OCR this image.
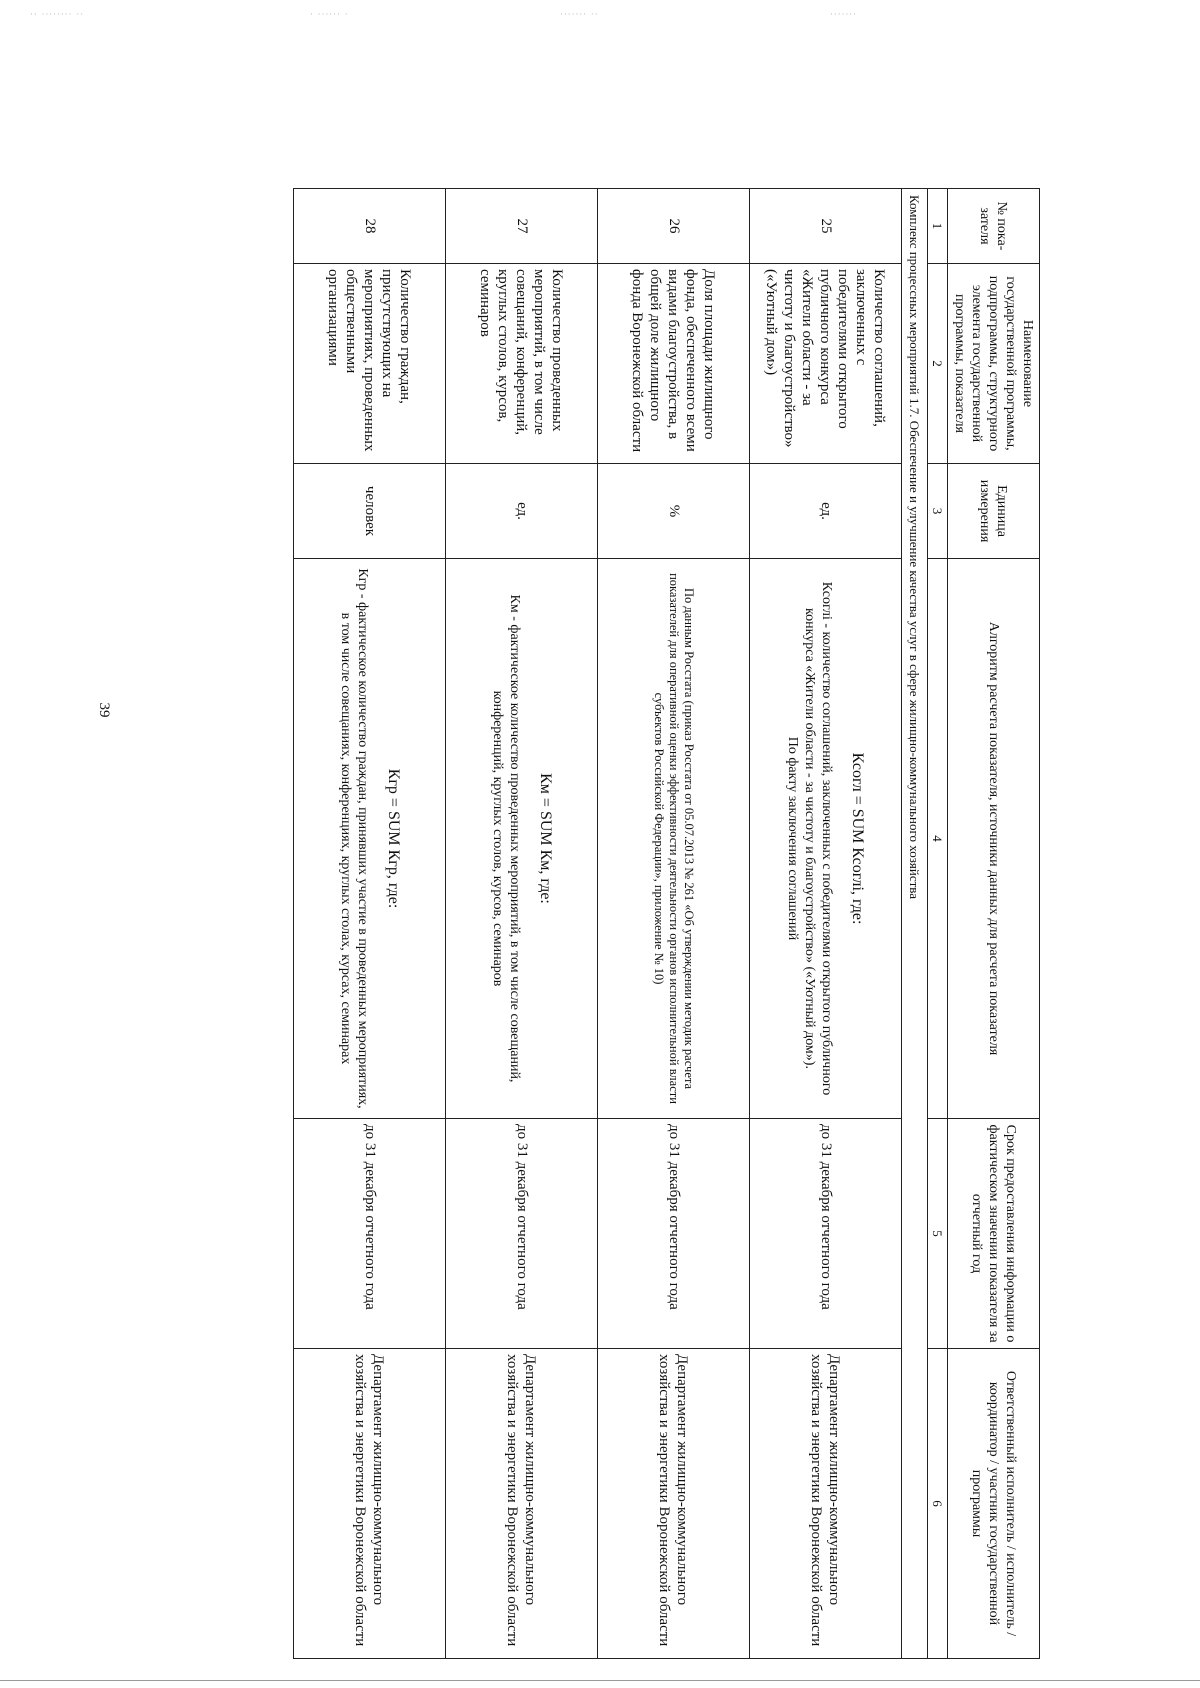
·· ········ ··	· ······ ·	······· ··	·······
39
№ пока-зателя	Наименование государственной программы, подпрограммы, структурного элемента государственной программы, показателя	Единица измерения	Алгоритм расчета показателя, источники данных для расчета показателя	Срок предоставления информации о фактическом значении показателя за отчетный год	Ответственный исполнитель / исполнитель / координатор / участник государственной программы
1	2	3	4	5	6
Комплекс процессных мероприятий 1.7. Обеспечение и улучшение качества услуг в сфере жилищно-коммунального хозяйства					
25	Количество соглашений, заключенных с победителями открытого публичного конкурса «Жители области - за чистоту и благоустройство» («Уютный дом»)	ед.	Ксогл = SUM Ксоглi, где:
Ксоглi - количество соглашений, заключенных с победителями открытого публичного конкурса «Жители области - за чистоту и благоустройство» («Уютный дом»).
По факту заключения соглашений	до 31 декабря отчетного года	Департамент жилищно-коммунального хозяйства и энергетики Воронежской области
26	Доля площади жилищного фонда, обеспеченного всеми видами благоустройства, в общей доле жилищного фонда Воронежской области	%	По данным Росстата (приказ Росстата от 05.07.2013 № 261 «Об утверждении методик расчета показателей для оперативной оценки эффективности деятельности органов исполнительной власти субъектов Российской Федерации», приложение № 10)	до 31 декабря отчетного года	Департамент жилищно-коммунального хозяйства и энергетики Воронежской области
27	Количество проведенных мероприятий, в том числе совещаний, конференций, круглых столов, курсов, семинаров	ед.	Км = SUM Км, где:
Км - фактическое количество проведенных мероприятий, в том числе совещаний, конференций, круглых столов, курсов, семинаров	до 31 декабря отчетного года	Департамент жилищно-коммунального хозяйства и энергетики Воронежской области
28	Количество граждан, присутствующих на мероприятиях, проведенных общественными организациями	человек	Кгр = SUM Кгр, где:
Кгр - фактическое количество граждан, принявших участие в проведенных мероприятиях, в том числе совещаниях, конференциях, круглых столах, курсах, семинарах	до 31 декабря отчетного года	Департамент жилищно-коммунального хозяйства и энергетики Воронежской области
